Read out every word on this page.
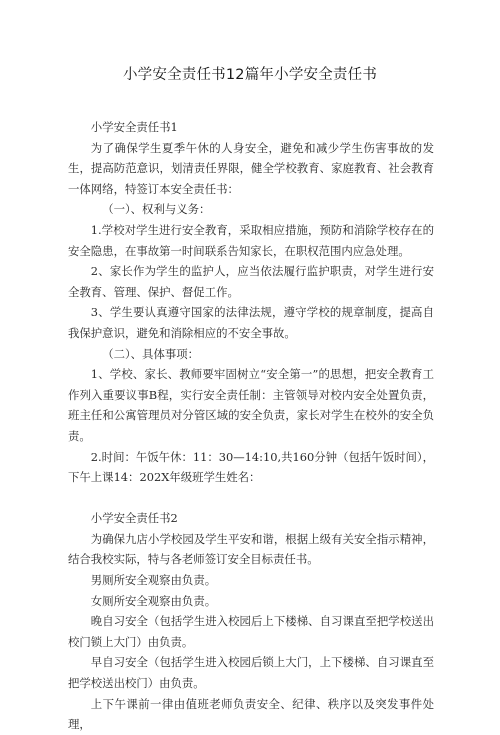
小学安全责任书12篇年小学安全责任书

小学安全责任书1

为了确保学生夏季午休的人身安全，避免和减少学生伤害事故的发生，提高防范意识，划清责任界限，健全学校教育、家庭教育、社会教育一体网络，特签订本安全责任书：

（一）、权利与义务：

1.学校对学生进行安全教育，采取相应措施，预防和消除学校存在的安全隐患，在事故第一时间联系告知家长，在职权范围内应急处理。

2、家长作为学生的监护人，应当依法履行监护职责，对学生进行安全教育、管理、保护、督促工作。

3、学生要认真遵守国家的法律法规，遵守学校的规章制度，提高自我保护意识，避免和消除相应的不安全事故。

（二）、具体事项：

1、学校、家长、教师要牢固树立“安全第一”的思想，把安全教育工作列入重要议事B程，实行安全责任制：主管领导对校内安全处置负责，班主任和公寓管理员对分管区域的安全负责，家长对学生在校外的安全负责。

2.时间：午饭午休：11：30—14:10,共160分钟（包括午饭时间），下午上课14：202X年级班学生姓名：

小学安全责任书2

为确保九店小学校园及学生平安和谐，根据上级有关安全指示精神，结合我校实际，特与各老师签订安全目标责任书。

男厕所安全观察由负责。

女厕所安全观察由负责。

晚自习安全（包括学生进入校园后上下楼梯、自习课直至把学校送出校门锁上大门）由负责。

早自习安全（包括学生进入校园后锁上大门，上下楼梯、自习课直至把学校送出校门）由负责。

上下午课前一律由值班老师负责安全、纪律、秩序以及突发事件处理，
